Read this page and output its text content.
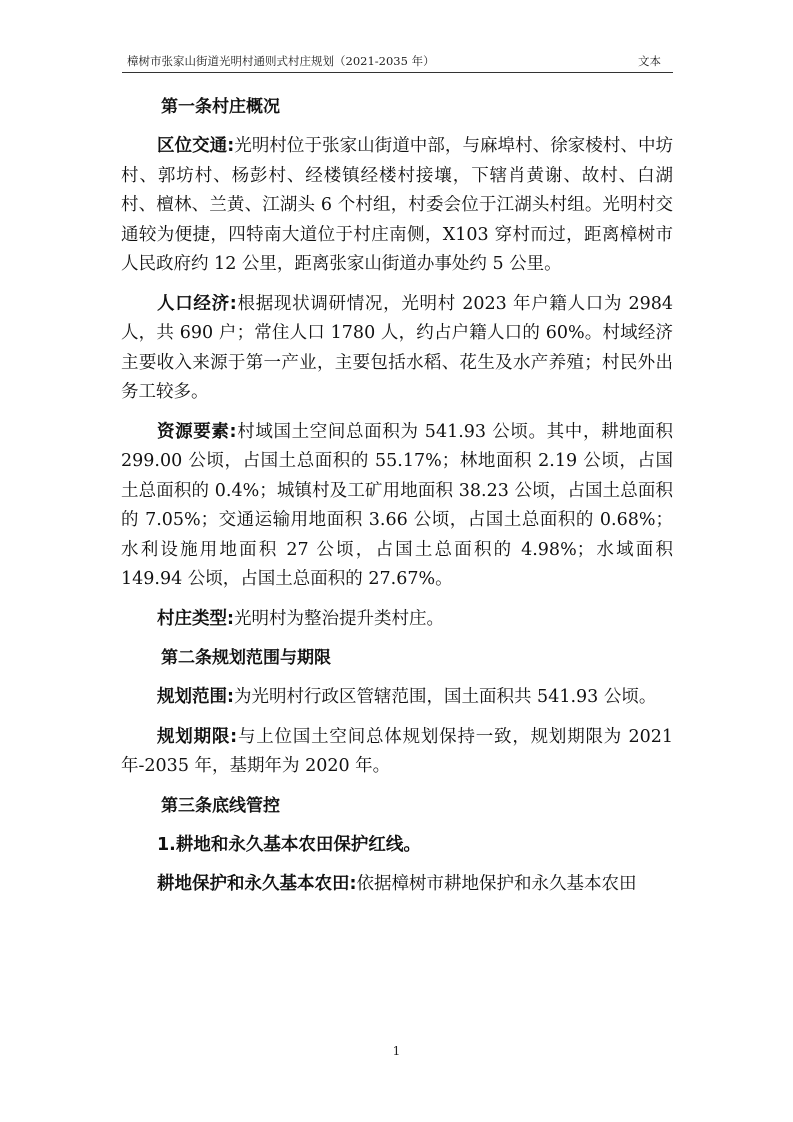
樟树市张家山街道光明村通则式村庄规划（2021-2035 年）	文本
第一条村庄概况

区位交通:光明村位于张家山街道中部，与麻埠村、徐家棱村、中坊村、郭坊村、杨彭村、经楼镇经楼村接壤，下辖肖黄谢、故村、白湖村、檀林、兰黄、江湖头 6 个村组，村委会位于江湖头村组。光明村交通较为便捷，四特南大道位于村庄南侧，X103 穿村而过，距离樟树市人民政府约 12 公里，距离张家山街道办事处约 5 公里。

人口经济:根据现状调研情况，光明村 2023 年户籍人口为 2984 人，共 690 户；常住人口 1780 人，约占户籍人口的 60%。村域经济主要收入来源于第一产业，主要包括水稻、花生及水产养殖；村民外出务工较多。

资源要素:村域国土空间总面积为 541.93 公顷。其中，耕地面积 299.00 公顷，占国土总面积的 55.17%；林地面积 2.19 公顷，占国土总面积的 0.4%；城镇村及工矿用地面积 38.23 公顷，占国土总面积的 7.05%；交通运输用地面积 3.66 公顷，占国土总面积的 0.68%；水利设施用地面积 27 公顷，占国土总面积的 4.98%；水域面积 149.94 公顷，占国土总面积的 27.67%。

村庄类型:光明村为整治提升类村庄。

第二条规划范围与期限

规划范围:为光明村行政区管辖范围，国土面积共 541.93 公顷。

规划期限:与上位国土空间总体规划保持一致，规划期限为 2021 年-2035 年，基期年为 2020 年。

第三条底线管控

1.耕地和永久基本农田保护红线。

耕地保护和永久基本农田:依据樟树市耕地保护和永久基本农田

1
